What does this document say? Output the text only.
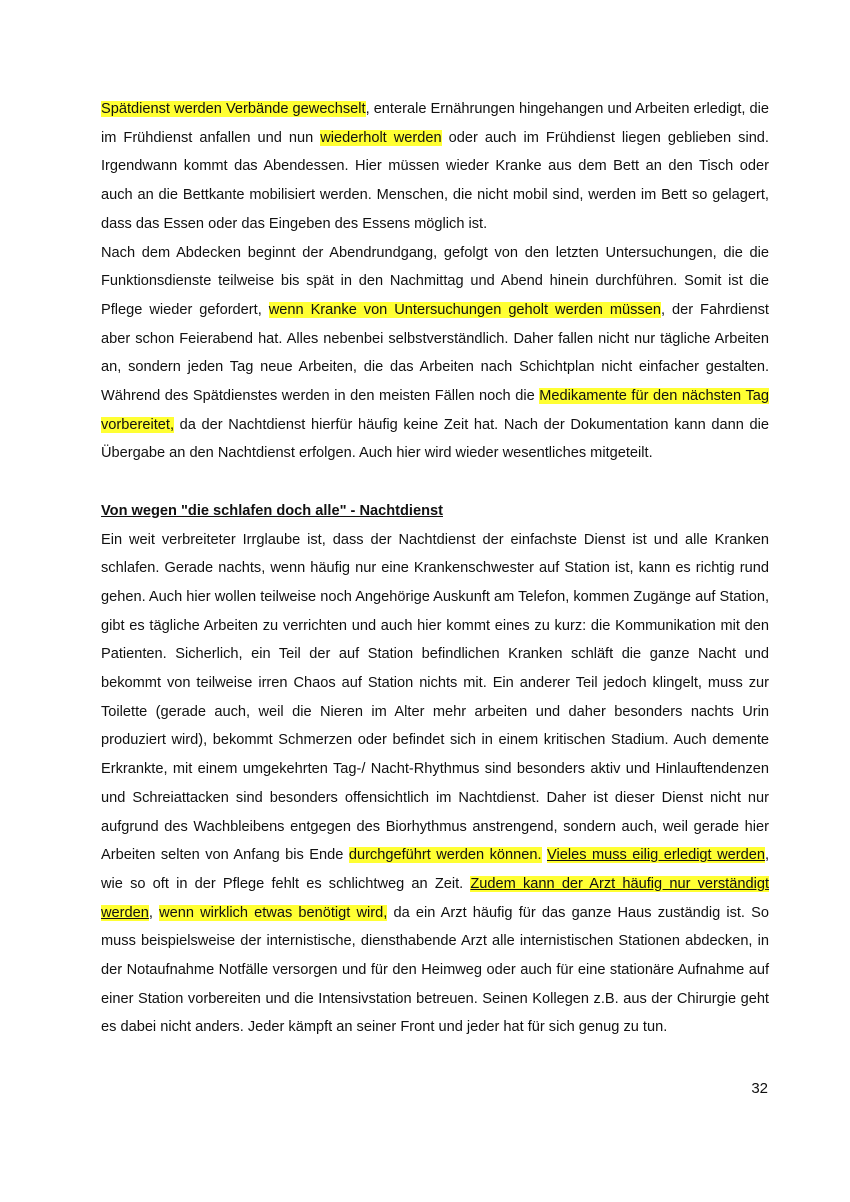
Spätdienst werden Verbände gewechselt, enterale Ernährungen hingehangen und Arbeiten erledigt, die im Frühdienst anfallen und nun wiederholt werden oder auch im Frühdienst liegen geblieben sind. Irgendwann kommt das Abendessen. Hier müssen wieder Kranke aus dem Bett an den Tisch oder auch an die Bettkante mobilisiert werden. Menschen, die nicht mobil sind, werden im Bett so gelagert, dass das Essen oder das Eingeben des Essens möglich ist.

Nach dem Abdecken beginnt der Abendrundgang, gefolgt von den letzten Untersuchungen, die die Funktionsdienste teilweise bis spät in den Nachmittag und Abend hinein durchführen. Somit ist die Pflege wieder gefordert, wenn Kranke von Untersuchungen geholt werden müssen, der Fahrdienst aber schon Feierabend hat. Alles nebenbei selbstverständlich. Daher fallen nicht nur tägliche Arbeiten an, sondern jeden Tag neue Arbeiten, die das Arbeiten nach Schichtplan nicht einfacher gestalten. Während des Spätdienstes werden in den meisten Fällen noch die Medikamente für den nächsten Tag vorbereitet, da der Nachtdienst hierfür häufig keine Zeit hat. Nach der Dokumentation kann dann die Übergabe an den Nachtdienst erfolgen. Auch hier wird wieder wesentliches mitgeteilt.

Von wegen "die schlafen doch alle" - Nachtdienst

Ein weit verbreiteter Irrglaube ist, dass der Nachtdienst der einfachste Dienst ist und alle Kranken schlafen. Gerade nachts, wenn häufig nur eine Krankenschwester auf Station ist, kann es richtig rund gehen. Auch hier wollen teilweise noch Angehörige Auskunft am Telefon, kommen Zugänge auf Station, gibt es tägliche Arbeiten zu verrichten und auch hier kommt eines zu kurz: die Kommunikation mit den Patienten. Sicherlich, ein Teil der auf Station befindlichen Kranken schläft die ganze Nacht und bekommt von teilweise irren Chaos auf Station nichts mit. Ein anderer Teil jedoch klingelt, muss zur Toilette (gerade auch, weil die Nieren im Alter mehr arbeiten und daher besonders nachts Urin produziert wird), bekommt Schmerzen oder befindet sich in einem kritischen Stadium. Auch demente Erkrankte, mit einem umgekehrten Tag-/ Nacht-Rhythmus sind besonders aktiv und Hinlauftendenzen und Schreiattacken sind besonders offensichtlich im Nachtdienst. Daher ist dieser Dienst nicht nur aufgrund des Wachbleibens entgegen des Biorhythmus anstrengend, sondern auch, weil gerade hier Arbeiten selten von Anfang bis Ende durchgeführt werden können. Vieles muss eilig erledigt werden, wie so oft in der Pflege fehlt es schlichtweg an Zeit. Zudem kann der Arzt häufig nur verständigt werden, wenn wirklich etwas benötigt wird, da ein Arzt häufig für das ganze Haus zuständig ist. So muss beispielsweise der internistische, diensthabende Arzt alle internistischen Stationen abdecken, in der Notaufnahme Notfälle versorgen und für den Heimweg oder auch für eine stationäre Aufnahme auf einer Station vorbereiten und die Intensivstation betreuen. Seinen Kollegen z.B. aus der Chirurgie geht es dabei nicht anders. Jeder kämpft an seiner Front und jeder hat für sich genug zu tun.

32
